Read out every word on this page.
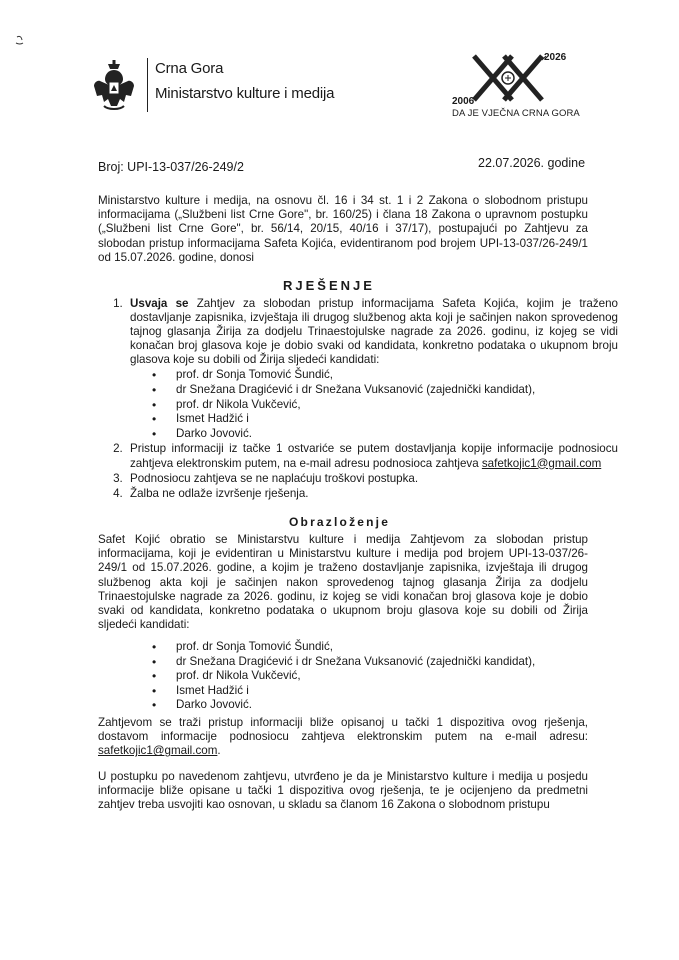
Crna Gora
Ministarstvo kulture i medija
2026
2006
DA JE VJEČNA CRNA GORA
Broj: UPI-13-037/26-249/2	22.07.2026. godine

Ministarstvo kulture i medija, na osnovu čl. 16 i 34 st. 1 i 2 Zakona o slobodnom pristupu informacijama („Službeni list Crne Gore", br. 160/25) i člana 18 Zakona o upravnom postupku („Službeni list Crne Gore", br. 56/14, 20/15, 40/16 i 37/17), postupajući po Zahtjevu za slobodan pristup informacijama Safeta Kojića, evidentiranom pod brojem UPI-13-037/26-249/1 od 15.07.2026. godine, donosi

RJEŠENJE
1. Usvaja se Zahtjev za slobodan pristup informacijama Safeta Kojića, kojim je traženo dostavljanje zapisnika, izvještaja ili drugog službenog akta koji je sačinjen nakon sprovedenog tajnog glasanja Žirija za dodjelu Trinaestojulske nagrade za 2026. godinu, iz kojeg se vidi konačan broj glasova koje je dobio svaki od kandidata, konkretno podataka o ukupnom broju glasova koje su dobili od Žirija sljedeći kandidati:
• prof. dr Sonja Tomović Šundić,
• dr Snežana Dragićević i dr Snežana Vuksanović (zajednički kandidat),
• prof. dr Nikola Vukčević,
• Ismet Hadžić i
• Darko Jovović.
2. Pristup informaciji iz tačke 1 ostvariće se putem dostavljanja kopije informacije podnosiocu zahtjeva elektronskim putem, na e-mail adresu podnosioca zahtjeva safetkojic1@gmail.com
3. Podnosiocu zahtjeva se ne naplaćuju troškovi postupka.
4. Žalba ne odlaže izvršenje rješenja.
Obrazloženje

Safet Kojić obratio se Ministarstvu kulture i medija Zahtjevom za slobodan pristup informacijama, koji je evidentiran u Ministarstvu kulture i medija pod brojem UPI-13-037/26-249/1 od 15.07.2026. godine, a kojim je traženo dostavljanje zapisnika, izvještaja ili drugog službenog akta koji je sačinjen nakon sprovedenog tajnog glasanja Žirija za dodjelu Trinaestojulske nagrade za 2026. godinu, iz kojeg se vidi konačan broj glasova koje je dobio svaki od kandidata, konkretno podataka o ukupnom broju glasova koje su dobili od Žirija sljedeći kandidati:

• prof. dr Sonja Tomović Šundić,
• dr Snežana Dragićević i dr Snežana Vuksanović (zajednički kandidat),
• prof. dr Nikola Vukčević,
• Ismet Hadžić i
• Darko Jovović.

Zahtjevom se traži pristup informaciji bliže opisanoj u tački 1 dispozitiva ovog rješenja, dostavom informacije podnosiocu zahtjeva elektronskim putem na e-mail adresu: safetkojic1@gmail.com.

U postupku po navedenom zahtjevu, utvrđeno je da je Ministarstvo kulture i medija u posjedu informacije bliže opisane u tački 1 dispozitiva ovog rješenja, te je ocijenjeno da predmetni zahtjev treba usvojiti kao osnovan, u skladu sa članom 16 Zakona o slobodnom pristupu
